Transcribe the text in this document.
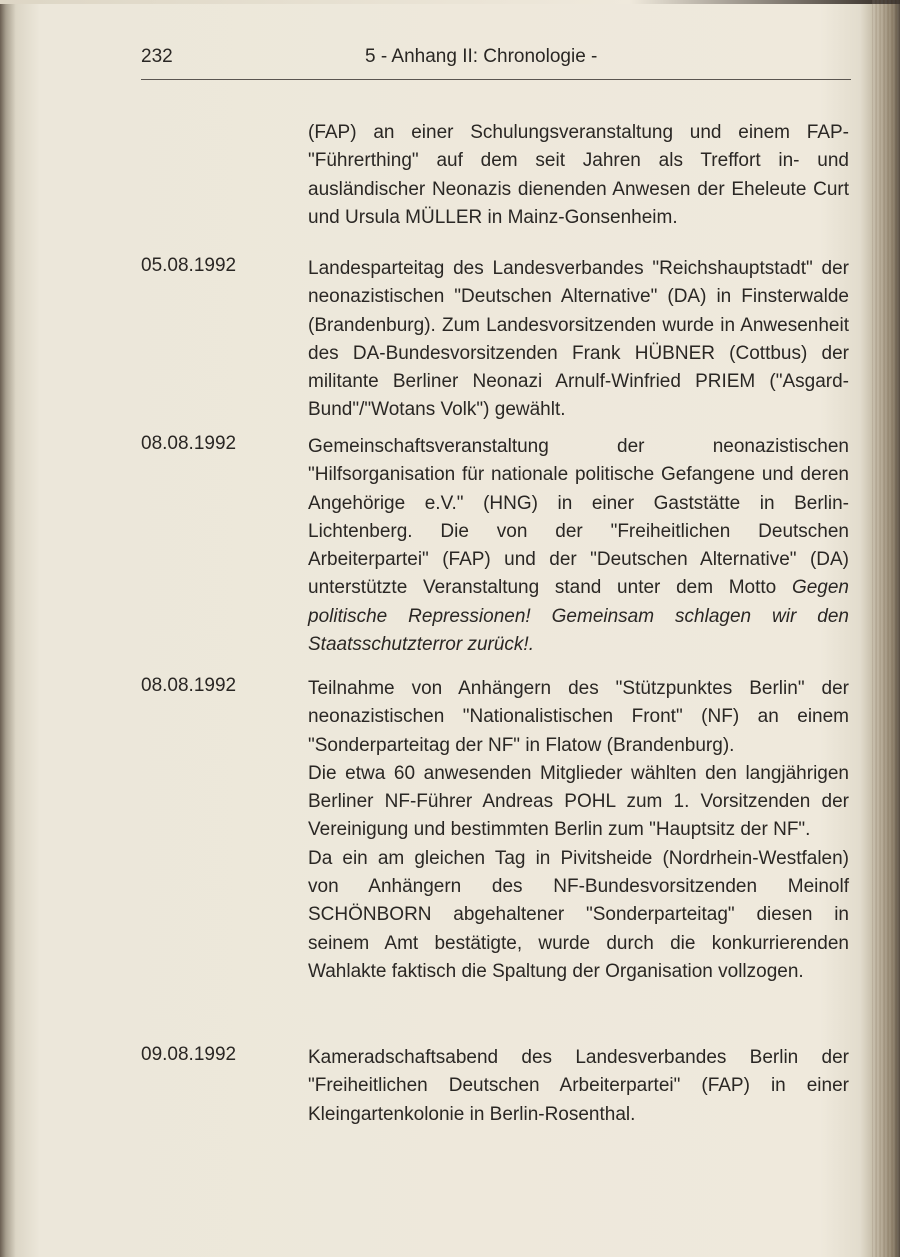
232	5 - Anhang II: Chronologie -
(FAP) an einer Schulungsveranstaltung und einem FAP-"Führerthing" auf dem seit Jahren als Treffort in- und ausländischer Neonazis dienenden Anwesen der Eheleute Curt und Ursula MÜLLER in Mainz-Gonsenheim.
05.08.1992	Landesparteitag des Landesverbandes "Reichshauptstadt" der neonazistischen "Deutschen Alternative" (DA) in Finsterwalde (Brandenburg). Zum Landesvorsitzenden wurde in Anwesenheit des DA-Bundesvorsitzenden Frank HÜBNER (Cottbus) der militante Berliner Neonazi Arnulf-Winfried PRIEM ("Asgard-Bund"/"Wotans Volk") gewählt.
08.08.1992	Gemeinschaftsveranstaltung der neonazistischen "Hilfsorganisation für nationale politische Gefangene und deren Angehörige e.V." (HNG) in einer Gaststätte in Berlin-Lichtenberg. Die von der "Freiheitlichen Deutschen Arbeiterpartei" (FAP) und der "Deutschen Alternative" (DA) unterstützte Veranstaltung stand unter dem Motto Gegen politische Repressionen! Gemeinsam schlagen wir den Staatsschutzterror zurück!.
08.08.1992	Teilnahme von Anhängern des "Stützpunktes Berlin" der neonazistischen "Nationalistischen Front" (NF) an einem "Sonderparteitag der NF" in Flatow (Brandenburg).

Die etwa 60 anwesenden Mitglieder wählten den langjährigen Berliner NF-Führer Andreas POHL zum 1. Vorsitzenden der Vereinigung und bestimmten Berlin zum "Hauptsitz der NF".

Da ein am gleichen Tag in Pivitsheide (Nordrhein-Westfalen) von Anhängern des NF-Bundesvorsitzenden Meinolf SCHÖNBORN abgehaltener "Sonderparteitag" diesen in seinem Amt bestätigte, wurde durch die konkurrierenden Wahlakte faktisch die Spaltung der Organisation vollzogen.

09.08.1992	Kameradschaftsabend des Landesverbandes Berlin der "Freiheitlichen Deutschen Arbeiterpartei" (FAP) in einer Kleingartenkolonie in Berlin-Rosenthal.
